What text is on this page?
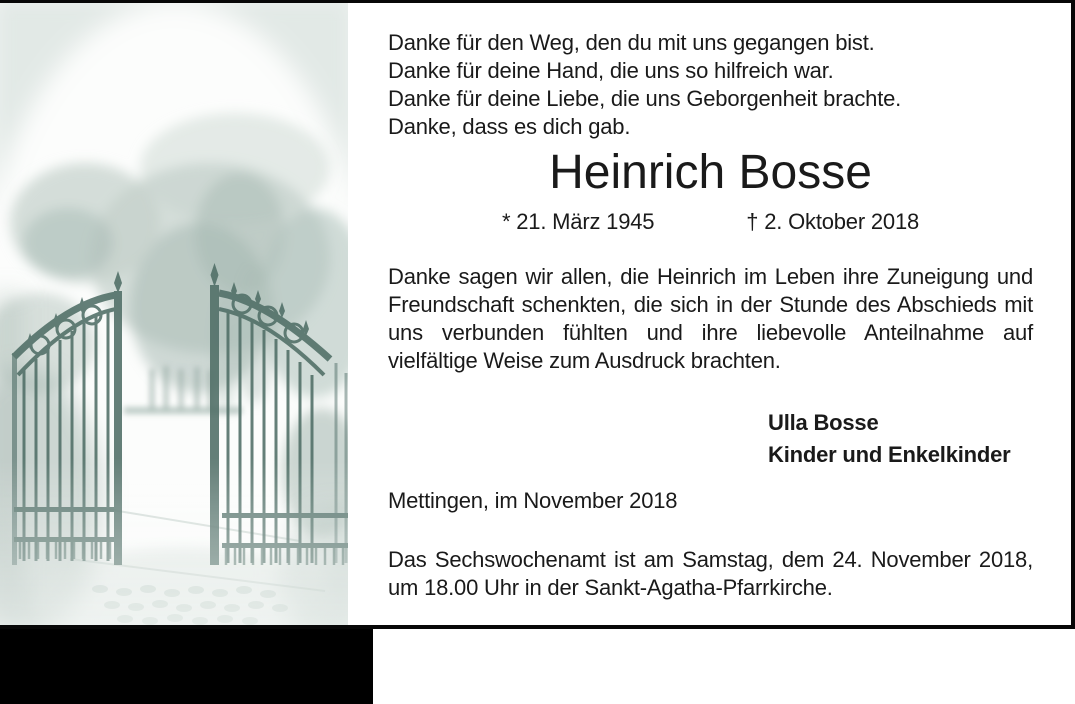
Danke für den Weg, den du mit uns gegangen bist.
Danke für deine Hand, die uns so hilfreich war.
Danke für deine Liebe, die uns Geborgenheit brachte.
Danke, dass es dich gab.
Heinrich Bosse
* 21. März 1945	† 2. Oktober 2018
Danke sagen wir allen, die Heinrich im Leben ihre Zuneigung und Freundschaft schenkten, die sich in der Stunde des Abschieds mit uns verbunden fühlten und ihre liebevolle Anteilnahme auf vielfältige Weise zum Ausdruck brachten.
Ulla Bosse
Kinder und Enkelkinder
Mettingen, im November 2018
Das Sechswochenamt ist am Samstag, dem 24. November 2018, um 18.00 Uhr in der Sankt-Agatha-Pfarrkirche.
